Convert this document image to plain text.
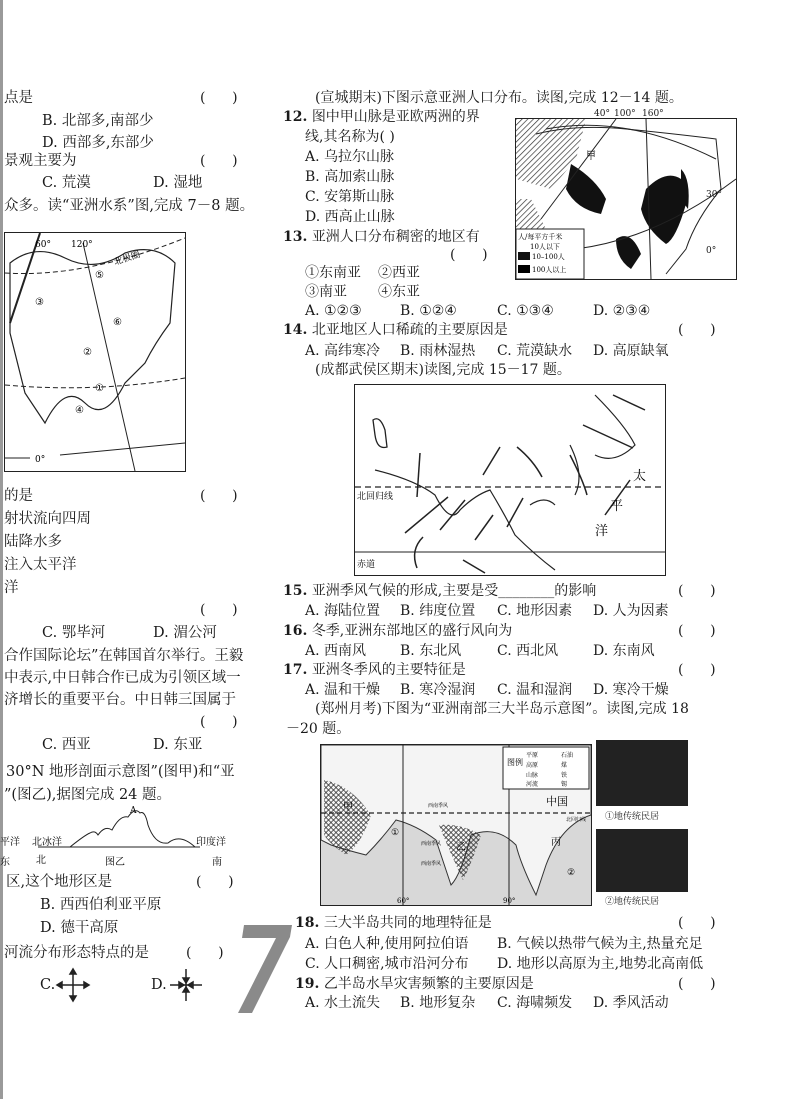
点是	(      )
B. 北部多,南部少
D. 西部多,东部少
景观主要为	(      )
C. 荒漠	D. 湿地
众多。读“亚洲水系”图,完成 7－8 题。
60° 120°
北极圈
0°
⑤
③
⑥
②
①
④
的是	(      )
射状流向四周
陆降水多
注入太平洋
洋
(      )
C. 鄂毕河	D. 湄公河
合作国际论坛”在韩国首尔举行。王毅
中表示,中日韩合作已成为引领区域一
济增长的重要平台。中日韩三国属于
(      )
C. 西亚	D. 东亚
30°N 地形剖面示意图”(图甲)和“亚
”(图乙),据图完成 24 题。
A
平洋
东
北冰洋
北	图乙
印度洋
南
区,这个地形区是	(      )
B. 西西伯利亚平原
D. 德干高原
河流分布形态特点的是	(      )
C.	D.
(宣城期末)下图示意亚洲人口分布。读图,完成 12－14 题。
12. 图中甲山脉是亚欧两洲的界
线,其名称为( )
A. 乌拉尔山脉
B. 高加索山脉
C. 安第斯山脉
D. 西高止山脉
甲
人/每平方千米
10人以下
10–100人
100人以上
40° 100° 160°
30°
0°
13. 亚洲人口分布稠密的地区有
(      )
①东南亚 ②西亚
③南亚 ④东亚
A. ①②③	B. ①②④	C. ①③④	D. ②③④
14. 北亚地区人口稀疏的主要原因是	(      )
A. 高纬寒冷 B. 雨林湿热 C. 荒漠缺水 D. 高原缺氧
(成都武侯区期末)读图,完成 15－17 题。
北回归线
赤道
太
平
洋
15. 亚洲季风气候的形成,主要是受________的影响	(      )
A. 海陆位置 B. 纬度位置 C. 地形因素 D. 人为因素
16. 冬季,亚洲东部地区的盛行风向为	(      )
A. 西南风 B. 东北风	C. 西北风 D. 东南风
17. 亚洲冬季风的主要特征是	(      )
A. 温和干燥 B. 寒冷湿润 C. 温和湿润 D. 寒冷干燥
(郑州月考)下图为“亚洲南部三大半岛示意图”。读图,完成 18
－20 题。
图例
平原
高原
山脉
河流
石油
煤
铁
锡
甲
乙	丙
中国
北回归线
西南季风
西南季风
西南季风
①
②
60°	90°
①地传统民居
②地传统民居
18. 三大半岛共同的地理特征是	(      )
A. 白色人种,使用阿拉伯语 B. 气候以热带气候为主,热量充足
C. 人口稠密,城市沿河分布 D. 地形以高原为主,地势北高南低
19. 乙半岛水旱灾害频繁的主要原因是	(      )
A. 水土流失 B. 地形复杂 C. 海啸频发 D. 季风活动
